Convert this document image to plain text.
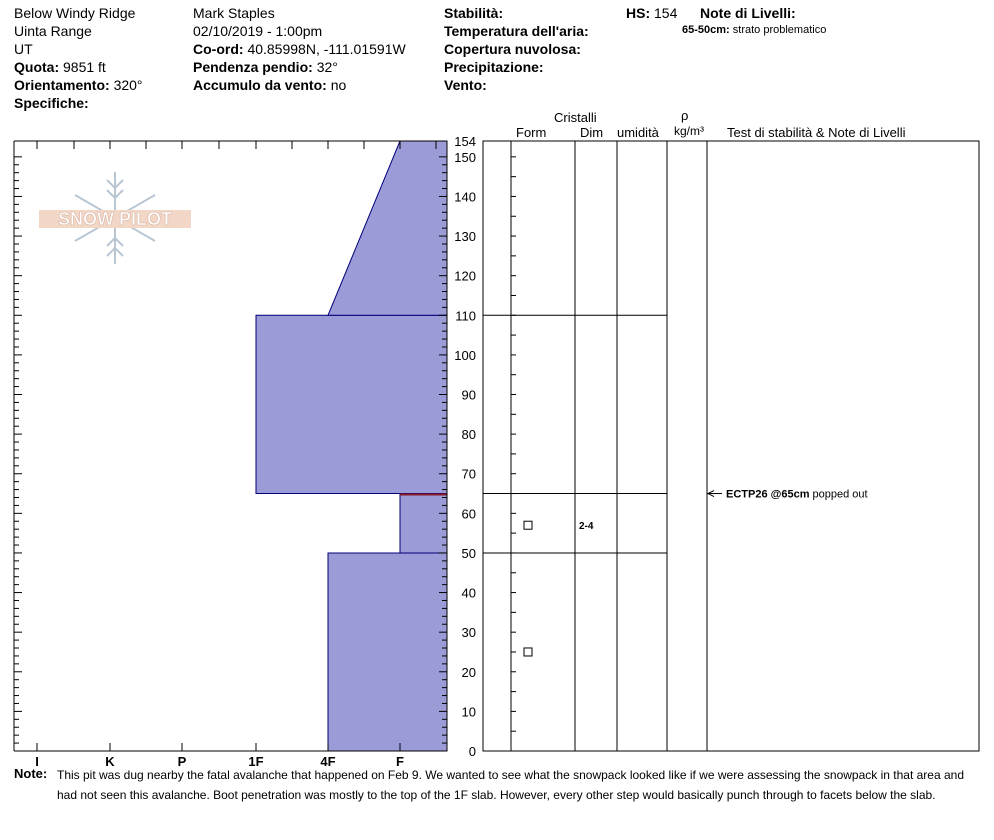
Below Windy Ridge
Uinta Range
UT
Quota: 9851 ft
Orientamento: 320°
Specifiche:
Mark Staples
02/10/2019 - 1:00pm
Co-ord: 40.85998N, -111.01591W
Pendenza pendio: 32°
Accumulo da vento: no
Stabilità:
Temperatura dell'aria:
Copertura nuvolosa:
Precipitazione:
Vento:
HS: 154 Note di Livelli:
65-50cm: strato problematico
Cristalli
Form	Dim umidità
ρ
kg/m³ Test di stabilità & Note di Livelli
SNOW PILOT
0
10
20
30
40
50
60
70
80
90
100
110
120
130
140
150
154
I	K	P	1F	4F	F
2-4
ECTP26 @65cm popped out
Note: This pit was dug nearby the fatal avalanche that happened on Feb 9. We wanted to see what the snowpack looked like if we were assessing the snowpack in that area and
had not seen this avalanche. Boot penetration was mostly to the top of the 1F slab. However, every other step would basically punch through to facets below the slab.
